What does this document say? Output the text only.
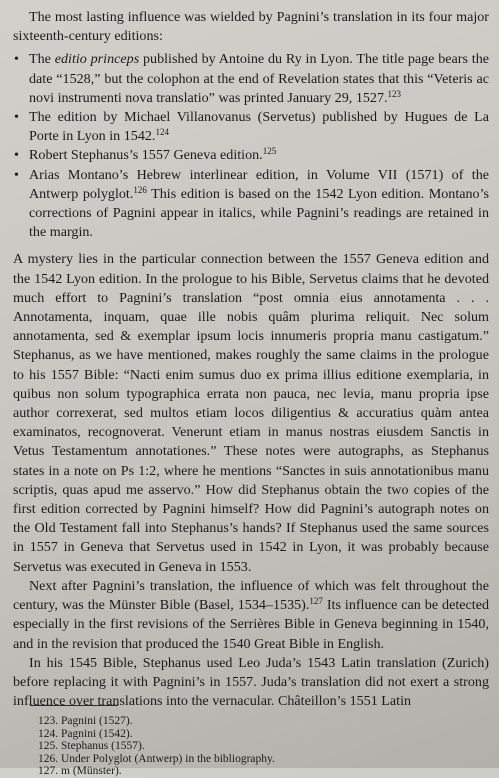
The most lasting influence was wielded by Pagnini’s translation in its four major sixteenth-century editions:

• The editio princeps published by Antoine du Ry in Lyon. The title page bears the date “1528,” but the colophon at the end of Revelation states that this “Veteris ac novi instrumenti nova translatio” was printed January 29, 1527.$^{123}$
• The edition by Michael Villanovanus (Servetus) published by Hugues de La Porte in Lyon in 1542.$^{124}$
• Robert Stephanus’s 1557 Geneva edition.$^{125}$
• Arias Montano’s Hebrew interlinear edition, in Volume VII (1571) of the Antwerp polyglot.$^{126}$ This edition is based on the 1542 Lyon edition. Montano’s corrections of Pagnini appear in italics, while Pagnini’s readings are retained in the margin.

A mystery lies in the particular connection between the 1557 Geneva edition and the 1542 Lyon edition. In the prologue to his Bible, Servetus claims that he devoted much effort to Pagnini’s translation “post omnia eius annotamenta . . . Annotamenta, inquam, quae ille nobis quâm plurima reliquit. Nec solum annotamenta, sed & exemplar ipsum locis innumeris propria manu castigatum.” Stephanus, as we have mentioned, makes roughly the same claims in the prologue to his 1557 Bible: “Nacti enim sumus duo ex prima illius editione exemplaria, in quibus non solum typographica errata non pauca, nec levia, manu propria ipse author correxerat, sed multos etiam locos diligentius & accuratius quàm antea examinatos, recognoverat. Venerunt etiam in manus nostras eiusdem Sanctis in Vetus Testamentum annotationes.” These notes were autographs, as Stephanus states in a note on Ps 1:2, where he mentions “Sanctes in suis annotationibus manu scriptis, quas apud me asservo.” How did Stephanus obtain the two copies of the first edition corrected by Pagnini himself? How did Pagnini’s autograph notes on the Old Testament fall into Stephanus’s hands? If Stephanus used the same sources in 1557 in Geneva that Servetus used in 1542 in Lyon, it was probably because Servetus was executed in Geneva in 1553.

Next after Pagnini’s translation, the influence of which was felt throughout the century, was the Münster Bible (Basel, 1534–1535).$^{127}$ Its influence can be detected especially in the first revisions of the Serrières Bible in Geneva beginning in 1540, and in the revision that produced the 1540 Great Bible in English.

In his 1545 Bible, Stephanus used Leo Juda’s 1543 Latin translation (Zurich) before replacing it with Pagnini’s in 1557. Juda’s translation did not exert a strong influence over translations into the vernacular. Châteillon’s 1551 Latin

123. Pagnini (1527).
124. Pagnini (1542).
125. Stephanus (1557).
126. Under Polyglot (Antwerp) in the bibliography.
127. m (Münster).
